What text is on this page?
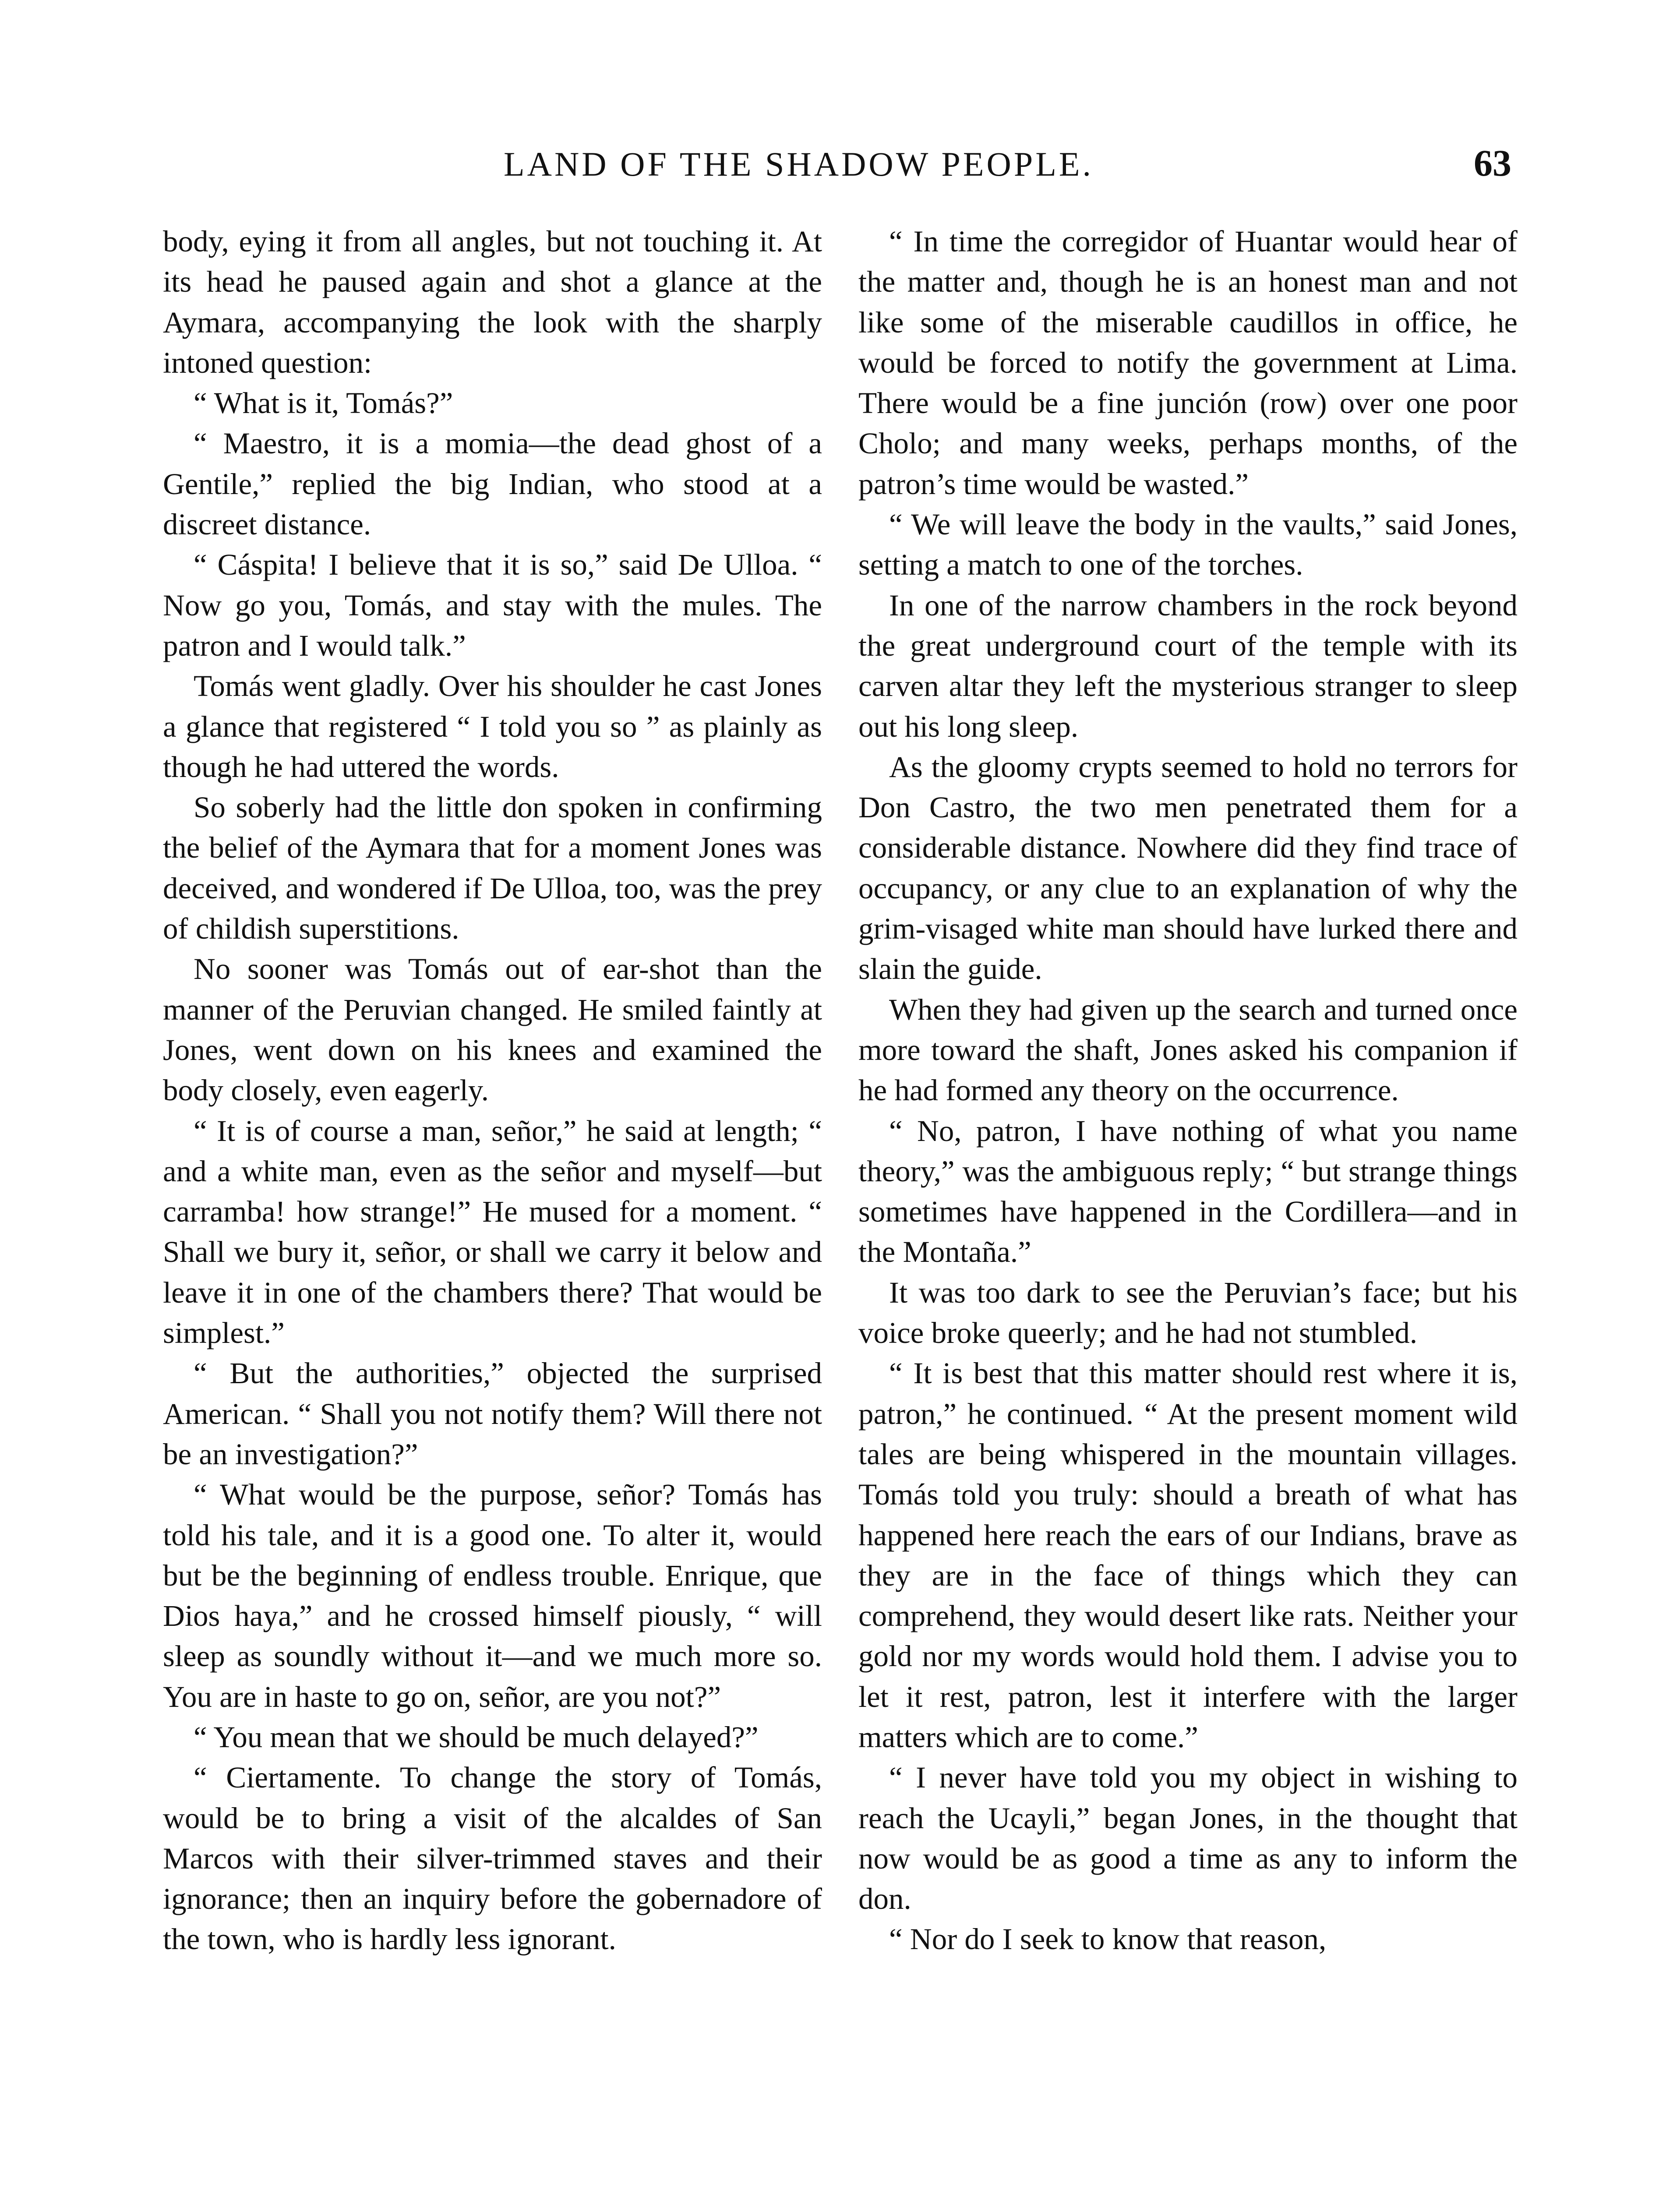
LAND OF THE SHADOW PEOPLE.	63
body, eying it from all angles, but not touching it. At its head he paused again and shot a glance at the Aymara, accompanying the look with the sharply intoned question:
“ What is it, Tomás?”
“ Maestro, it is a momia—the dead ghost of a Gentile,” replied the big Indian, who stood at a discreet distance.
“ Cáspita! I believe that it is so,” said De Ulloa. “ Now go you, Tomás, and stay with the mules. The patron and I would talk.”
Tomás went gladly. Over his shoulder he cast Jones a glance that registered “ I told you so ” as plainly as though he had uttered the words.
So soberly had the little don spoken in confirming the belief of the Aymara that for a moment Jones was deceived, and wondered if De Ulloa, too, was the prey of childish superstitions.
No sooner was Tomás out of ear-shot than the manner of the Peruvian changed. He smiled faintly at Jones, went down on his knees and examined the body closely, even eagerly.
“ It is of course a man, señor,” he said at length; “ and a white man, even as the señor and myself—but carramba! how strange!” He mused for a moment. “ Shall we bury it, señor, or shall we carry it below and leave it in one of the chambers there? That would be simplest.”
“ But the authorities,” objected the surprised American. “ Shall you not notify them? Will there not be an investigation?”
“ What would be the purpose, señor? Tomás has told his tale, and it is a good one. To alter it, would but be the beginning of endless trouble. Enrique, que Dios haya,” and he crossed himself piously, “ will sleep as soundly without it—and we much more so. You are in haste to go on, señor, are you not?”
“ You mean that we should be much delayed?”
“ Ciertamente. To change the story of Tomás, would be to bring a visit of the alcaldes of San Marcos with their silver-trimmed staves and their ignorance; then an inquiry before the gobernadore of the town, who is hardly less ignorant.
“ In time the corregidor of Huantar would hear of the matter and, though he is an honest man and not like some of the miserable caudillos in office, he would be forced to notify the government at Lima. There would be a fine junción (row) over one poor Cholo; and many weeks, perhaps months, of the patron’s time would be wasted.”
“ We will leave the body in the vaults,” said Jones, setting a match to one of the torches.
In one of the narrow chambers in the rock beyond the great underground court of the temple with its carven altar they left the mysterious stranger to sleep out his long sleep.
As the gloomy crypts seemed to hold no terrors for Don Castro, the two men penetrated them for a considerable distance. Nowhere did they find trace of occupancy, or any clue to an explanation of why the grim-visaged white man should have lurked there and slain the guide.
When they had given up the search and turned once more toward the shaft, Jones asked his companion if he had formed any theory on the occurrence.
“ No, patron, I have nothing of what you name theory,” was the ambiguous reply; “ but strange things sometimes have happened in the Cordillera—and in the Montaña.”
It was too dark to see the Peruvian’s face; but his voice broke queerly; and he had not stumbled.
“ It is best that this matter should rest where it is, patron,” he continued. “ At the present moment wild tales are being whispered in the mountain villages. Tomás told you truly: should a breath of what has happened here reach the ears of our Indians, brave as they are in the face of things which they can comprehend, they would desert like rats. Neither your gold nor my words would hold them. I advise you to let it rest, patron, lest it interfere with the larger matters which are to come.”
“ I never have told you my object in wishing to reach the Ucayli,” began Jones, in the thought that now would be as good a time as any to inform the don.
“ Nor do I seek to know that reason,
